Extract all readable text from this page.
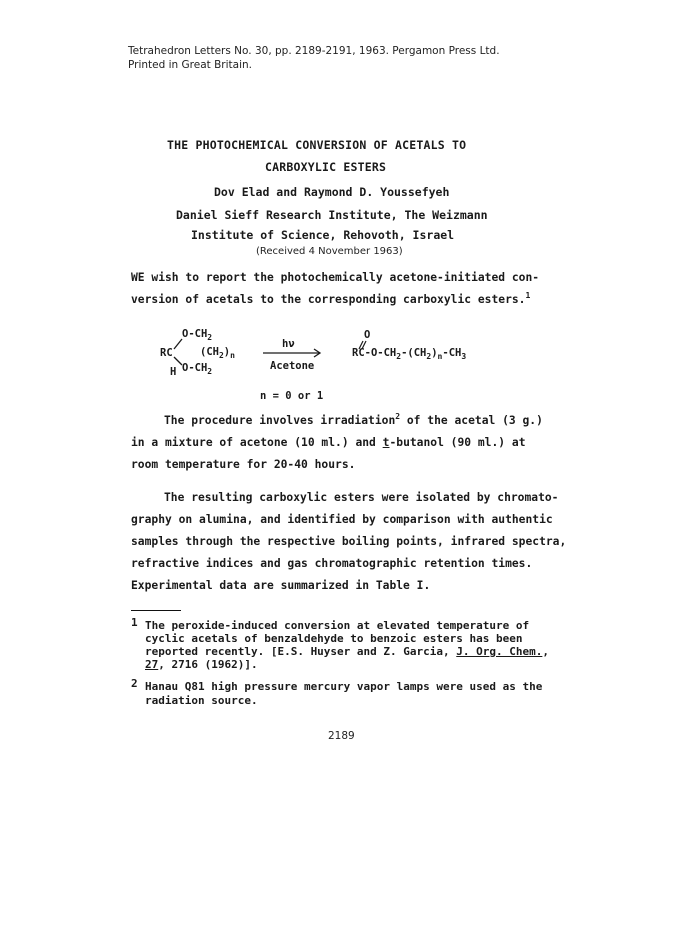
Tetrahedron Letters No. 30, pp. 2189-2191, 1963. Pergamon Press Ltd.
Printed in Great Britain.
THE PHOTOCHEMICAL CONVERSION OF ACETALS TO
CARBOXYLIC ESTERS
Dov Elad and Raymond D. Youssefyeh
Daniel Sieff Research Institute, The Weizmann
Institute of Science, Rehovoth, Israel
(Received 4 November 1963)
WE wish to report the photochemically acetone-initiated con-
version of acetals to the corresponding carboxylic esters.$^1$
$O-CH_2$
RC	$(CH_2)_n$
H $O-CH_2$
hν
Acetone
O
$RC-O-CH_2-(CH_2)_n-CH_3$
n = 0 or 1
The procedure involves irradiation$^2$ of the acetal (3 g.)
in a mixture of acetone (10 ml.) and t-butanol (90 ml.) at
room temperature for 20-40 hours.
The resulting carboxylic esters were isolated by chromato-
graphy on alumina, and identified by comparison with authentic
samples through the respective boiling points, infrared spectra,
refractive indices and gas chromatographic retention times.
Experimental data are summarized in Table I.
1 The peroxide-induced conversion at elevated temperature of
cyclic acetals of benzaldehyde to benzoic esters has been
reported recently. [E.S. Huyser and Z. Garcia, J. Org. Chem.,
27, 2716 (1962)].
2 Hanau Q81 high pressure mercury vapor lamps were used as the
radiation source.
2189
